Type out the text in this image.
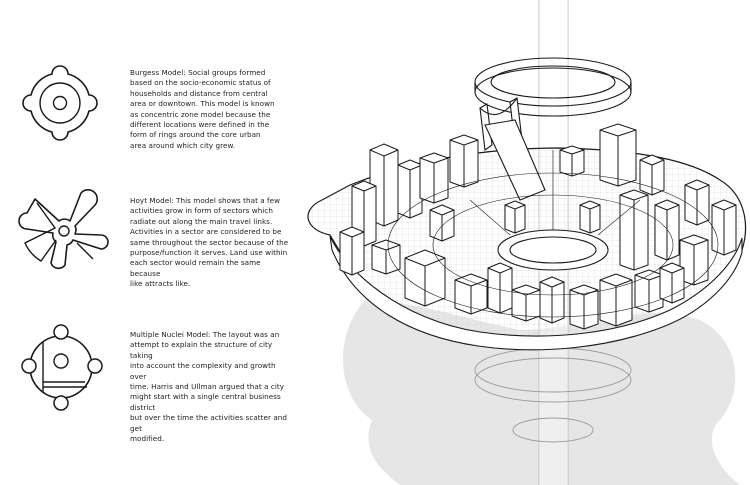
Burgess Model: Social groups formed
based on the socio-economic status of
households and distance from central
area or downtown. This model is known
as concentric zone model because the
different locations were defined in the
form of rings around the core urban
area around which city grew.
Hoyt Model: This model shows that a few
activities grow in form of sectors which
radiate out along the main travel links.
Activities in a sector are considered to be
same throughout the sector because of the
purpose/function it serves. Land use within
each sector would remain the same because
like attracts like.
Multiple Nuclei Model: The layout was an
attempt to explain the structure of city taking
into account the complexity and growth over
time. Harris and Ullman argued that a city
might start with a single central business district
but over the time the activities scatter and get
modified.
